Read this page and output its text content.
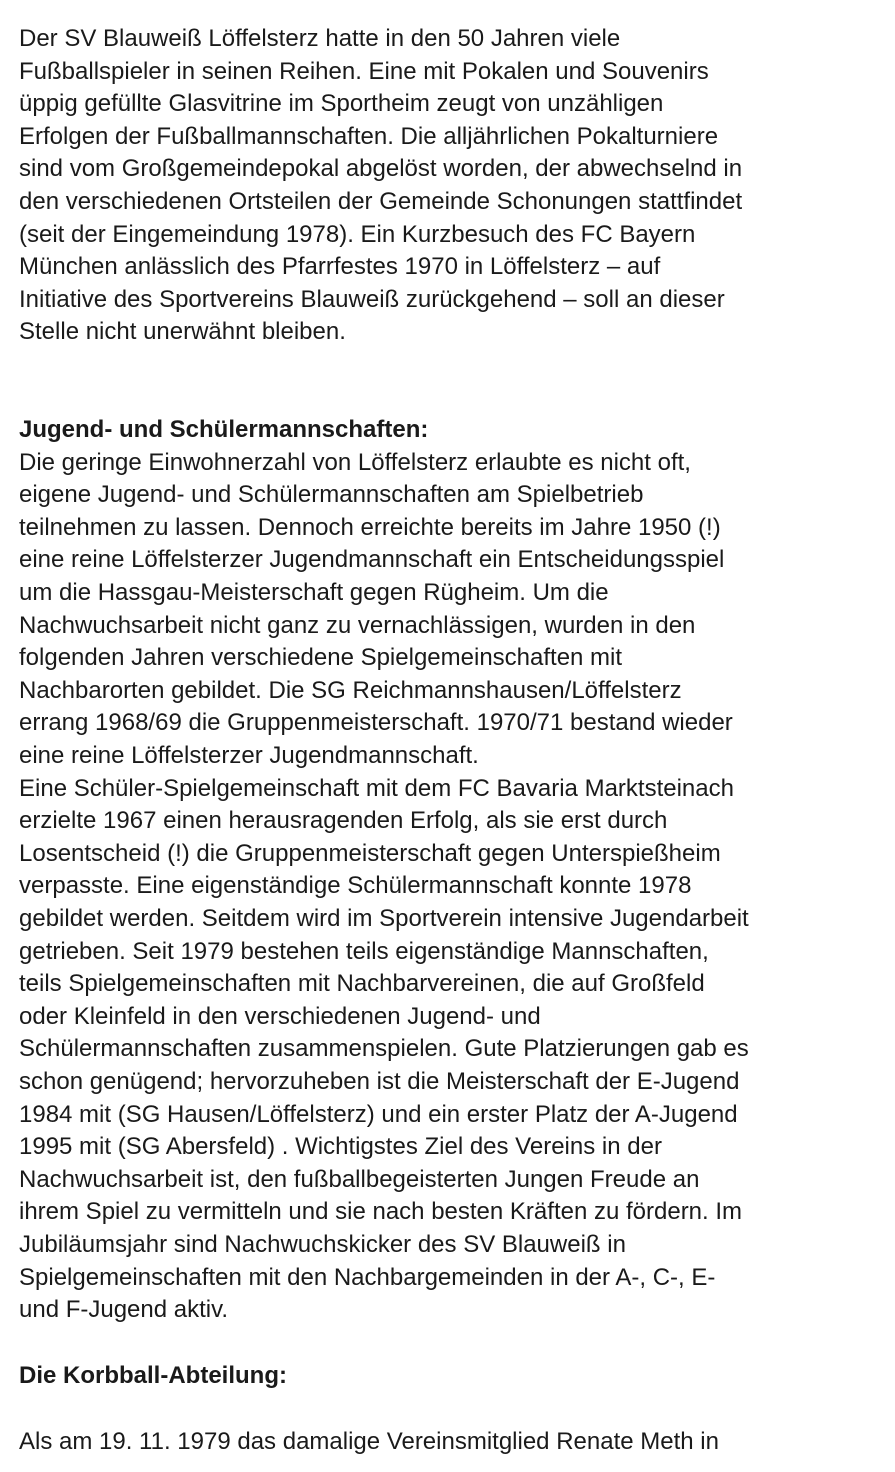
Der SV Blauweiß Löffelsterz hatte in den 50 Jahren viele
Fußballspieler in seinen Reihen. Eine mit Pokalen und Souvenirs
üppig gefüllte Glasvitrine im Sportheim zeugt von unzähligen
Erfolgen der Fußballmannschaften. Die alljährlichen Pokalturniere
sind vom Großgemeindepokal abgelöst worden, der abwechselnd in
den verschiedenen Ortsteilen der Gemeinde Schonungen stattfindet
(seit der Eingemeindung 1978). Ein Kurzbesuch des FC Bayern
München anlässlich des Pfarrfestes 1970 in Löffelsterz – auf
Initiative des Sportvereins Blauweiß zurückgehend – soll an dieser
Stelle nicht unerwähnt bleiben.
Jugend- und Schülermannschaften:
Die geringe Einwohnerzahl von Löffelsterz erlaubte es nicht oft,
eigene Jugend- und Schülermannschaften am Spielbetrieb
teilnehmen zu lassen. Dennoch erreichte bereits im Jahre 1950 (!)
eine reine Löffelsterzer Jugendmannschaft ein Entscheidungsspiel
um die Hassgau-Meisterschaft gegen Rügheim. Um die
Nachwuchsarbeit nicht ganz zu vernachlässigen, wurden in den
folgenden Jahren verschiedene Spielgemeinschaften mit
Nachbarorten gebildet. Die SG Reichmannshausen/Löffelsterz
errang 1968/69 die Gruppenmeisterschaft. 1970/71 bestand wieder
eine reine Löffelsterzer Jugendmannschaft.
Eine Schüler-Spielgemeinschaft mit dem FC Bavaria Marktsteinach
erzielte 1967 einen herausragenden Erfolg, als sie erst durch
Losentscheid (!) die Gruppenmeisterschaft gegen Unterspießheim
verpasste. Eine eigenständige Schülermannschaft konnte 1978
gebildet werden. Seitdem wird im Sportverein intensive Jugendarbeit
getrieben. Seit 1979 bestehen teils eigenständige Mannschaften,
teils Spielgemeinschaften mit Nachbarvereinen, die auf Großfeld
oder Kleinfeld in den verschiedenen Jugend- und
Schülermannschaften zusammenspielen. Gute Platzierungen gab es
schon genügend; hervorzuheben ist die Meisterschaft der E-Jugend
1984 mit (SG Hausen/Löffelsterz) und ein erster Platz der A-Jugend
1995 mit (SG Abersfeld) . Wichtigstes Ziel des Vereins in der
Nachwuchsarbeit ist, den fußballbegeisterten Jungen Freude an
ihrem Spiel zu vermitteln und sie nach besten Kräften zu fördern. Im
Jubiläumsjahr sind Nachwuchskicker des SV Blauweiß in
Spielgemeinschaften mit den Nachbargemeinden in der A-, C-, E-
und F-Jugend aktiv.
Die Korbball-Abteilung:
Als am 19. 11. 1979 das damalige Vereinsmitglied Renate Meth in
